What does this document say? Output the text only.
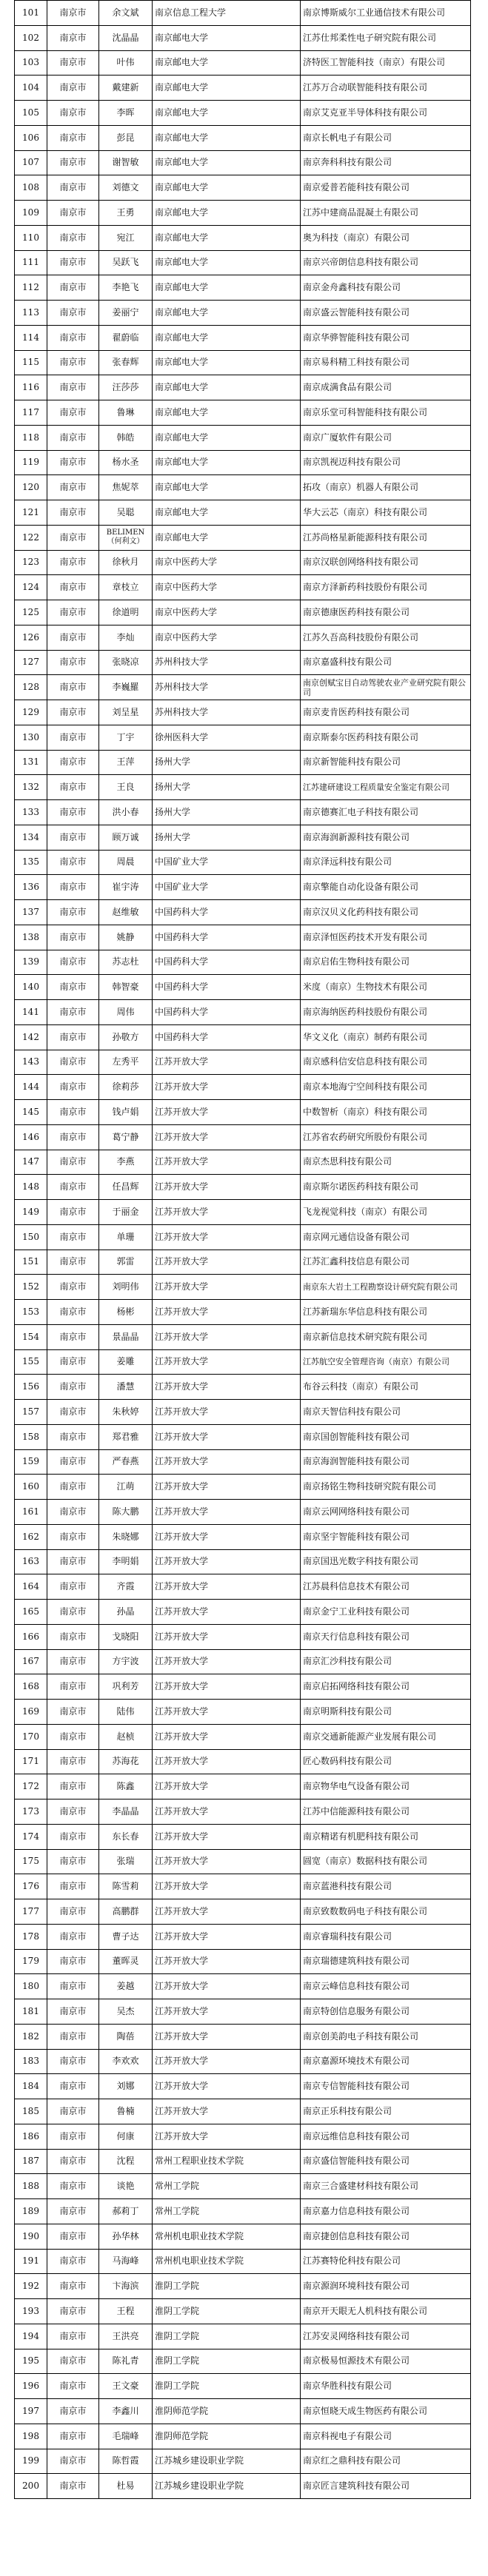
101	南京市	余文斌	南京信息工程大学	南京博斯威尔工业通信技术有限公司
102	南京市	沈晶晶	南京邮电大学	江苏仕邦柔性电子研究院有限公司
103	南京市	叶伟	南京邮电大学	济特医工智能科技（南京）有限公司
104	南京市	戴建新	南京邮电大学	江苏万合动联智能科技有限公司
105	南京市	李晖	南京邮电大学	南京艾克亚半导体科技有限公司
106	南京市	彭昆	南京邮电大学	南京长帆电子有限公司
107	南京市	谢智敏	南京邮电大学	南京奔科科技有限公司
108	南京市	刘德文	南京邮电大学	南京爱普若能科技有限公司
109	南京市	王勇	南京邮电大学	江苏中建商品混凝土有限公司
110	南京市	宛江	南京邮电大学	奥为科技（南京）有限公司
111	南京市	吴跃飞	南京邮电大学	南京兴帝朗信息科技有限公司
112	南京市	李艳飞	南京邮电大学	南京金舟鑫科技有限公司
113	南京市	姜丽宁	南京邮电大学	南京盛云智能科技有限公司
114	南京市	翟蔚临	南京邮电大学	南京华骅智能科技有限公司
115	南京市	张春辉	南京邮电大学	南京易科精工科技有限公司
116	南京市	汪莎莎	南京邮电大学	南京成满食品有限公司
117	南京市	鲁琳	南京邮电大学	南京乐堂可科智能科技有限公司
118	南京市	韩皓	南京邮电大学	南京广厦软件有限公司
119	南京市	杨水圣	南京邮电大学	南京凯视迈科技有限公司
120	南京市	焦妮萃	南京邮电大学	拓攻（南京）机器人有限公司
121	南京市	吴聪	南京邮电大学	华大云芯（南京）科技有限公司
122	南京市	BELIMEN（何利文）	南京邮电大学	江苏尚格星新能源科技有限公司
123	南京市	徐秋月	南京中医药大学	南京汉联创网络科技有限公司
124	南京市	章枝立	南京中医药大学	南京方泽新药科技股份有限公司
125	南京市	徐道明	南京中医药大学	南京德康医药科技有限公司
126	南京市	李灿	南京中医药大学	江苏久吾高科技股份有限公司
127	南京市	张晓凉	苏州科技大学	南京嘉盛科技有限公司
128	南京市	李巍羅	苏州科技大学	南京创赋宝目自动驾驶农业产业研究院有限公司
129	南京市	刘呈星	苏州科技大学	南京麦肯医药科技有限公司
130	南京市	丁宇	徐州医科大学	南京斯泰尔医药科技有限公司
131	南京市	王萍	扬州大学	南京新智能科技有限公司
132	南京市	王良	扬州大学	江苏建研建设工程质量安全鉴定有限公司
133	南京市	洪小春	扬州大学	南京德赛汇电子科技有限公司
134	南京市	顾万诚	扬州大学	南京海润新源科技有限公司
135	南京市	周晨	中国矿业大学	南京泽远科技有限公司
136	南京市	崔宇涛	中国矿业大学	南京擎能自动化设备有限公司
137	南京市	赵维敏	中国药科大学	南京汉贝义化药科技有限公司
138	南京市	姚静	中国药科大学	南京泽恒医药技术开发有限公司
139	南京市	苏志杜	中国药科大学	南京启佑生物科技有限公司
140	南京市	韩智豪	中国药科大学	米度（南京）生物技术有限公司
141	南京市	周伟	中国药科大学	南京海纳医药科技股份有限公司
142	南京市	孙敬方	中国药科大学	华文义化（南京）制药有限公司
143	南京市	左秀平	江苏开放大学	南京感科信安信息科技有限公司
144	南京市	徐莉莎	江苏开放大学	南京本地海宁空间科技有限公司
145	南京市	钱卢娟	江苏开放大学	中数智析（南京）科技有限公司
146	南京市	葛宁静	江苏开放大学	江苏省农药研究所股份有限公司
147	南京市	李燕	江苏开放大学	南京杰思科技有限公司
148	南京市	任昌辉	江苏开放大学	南京斯尔诺医药科技有限公司
149	南京市	于丽金	江苏开放大学	飞龙视觉科技（南京）有限公司
150	南京市	单珊	江苏开放大学	南京网元通信设备有限公司
151	南京市	郭雷	江苏开放大学	江苏汇鑫科技信息有限公司
152	南京市	刘明伟	江苏开放大学	南京东大岩土工程勘察设计研究院有限公司
153	南京市	杨彬	江苏开放大学	江苏新瑞东华信息科技有限公司
154	南京市	景晶晶	江苏开放大学	南京新信息技术研究院有限公司
155	南京市	姜雕	江苏开放大学	江苏航空安全管理咨询（南京）有限公司
156	南京市	潘慧	江苏开放大学	布谷云科技（南京）有限公司
157	南京市	朱秋婷	江苏开放大学	南京天智信科技有限公司
158	南京市	郑君雅	江苏开放大学	南京国创智能科技有限公司
159	南京市	严春燕	江苏开放大学	南京海润智能科技有限公司
160	南京市	江萌	江苏开放大学	南京扬铭生物科技研究院有限公司
161	南京市	陈大鹏	江苏开放大学	南京云网网络科技有限公司
162	南京市	朱晓娜	江苏开放大学	南京坚宇智能科技有限公司
163	南京市	李明娟	江苏开放大学	南京国迅光数字科技有限公司
164	南京市	齐霞	江苏开放大学	江苏晨科信息技术有限公司
165	南京市	孙晶	江苏开放大学	南京金宁工业科技有限公司
166	南京市	戈晓阳	江苏开放大学	南京天行信息科技有限公司
167	南京市	方宇波	江苏开放大学	南京汇沙科技有限公司
168	南京市	巩利芳	江苏开放大学	南京启拓网络科技有限公司
169	南京市	陆伟	江苏开放大学	南京明斯科技有限公司
170	南京市	赵桢	江苏开放大学	南京交通新能源产业发展有限公司
171	南京市	苏海花	江苏开放大学	匠心数码科技有限公司
172	南京市	陈鑫	江苏开放大学	南京物华电气设备有限公司
173	南京市	李晶晶	江苏开放大学	江苏中信能源科技有限公司
174	南京市	东长春	江苏开放大学	南京精诺有机肥科技有限公司
175	南京市	张瑞	江苏开放大学	圆宽（南京）数据科技有限公司
176	南京市	陈雪莉	江苏开放大学	南京蓝港科技有限公司
177	南京市	高鹏群	江苏开放大学	南京致数数码电子科技有限公司
178	南京市	曹子达	江苏开放大学	南京睿瑞科技有限公司
179	南京市	董晖灵	江苏开放大学	南京瑞德建筑科技有限公司
180	南京市	姜越	江苏开放大学	南京云峰信息科技有限公司
181	南京市	吴杰	江苏开放大学	南京特创信息服务有限公司
182	南京市	陶蓓	江苏开放大学	南京创美韵电子科技有限公司
183	南京市	李欢欢	江苏开放大学	南京嘉源环境技术有限公司
184	南京市	刘娜	江苏开放大学	南京专信智能科技有限公司
185	南京市	鲁楠	江苏开放大学	南京正乐科技有限公司
186	南京市	何康	江苏开放大学	南京远维信息科技有限公司
187	南京市	沈程	常州工程职业技术学院	南京盛信智能科技有限公司
188	南京市	谈艳	常州工学院	南京三合盛建材科技有限公司
189	南京市	郝莉丁	常州工学院	南京嘉力信息科技有限公司
190	南京市	孙华林	常州机电职业技术学院	南京捷创信息科技有限公司
191	南京市	马海峰	常州机电职业技术学院	江苏赛特伦科技有限公司
192	南京市	卞海滨	淮阴工学院	南京源润环境科技有限公司
193	南京市	王程	淮阴工学院	南京开天眼无人机科技有限公司
194	南京市	王洪亮	淮阴工学院	江苏安灵网络科技有限公司
195	南京市	陈礼青	淮阴工学院	南京极易恒源技术有限公司
196	南京市	王文豪	淮阴工学院	南京华胜科技有限公司
197	南京市	李鑫川	淮阴师范学院	南京恒晓天成生物医药有限公司
198	南京市	毛瑞峰	淮阴师范学院	南京科视电子有限公司
199	南京市	陈哲霞	江苏城乡建设职业学院	南京红之鼎科技有限公司
200	南京市	杜易	江苏城乡建设职业学院	南京匠言建筑科技有限公司
